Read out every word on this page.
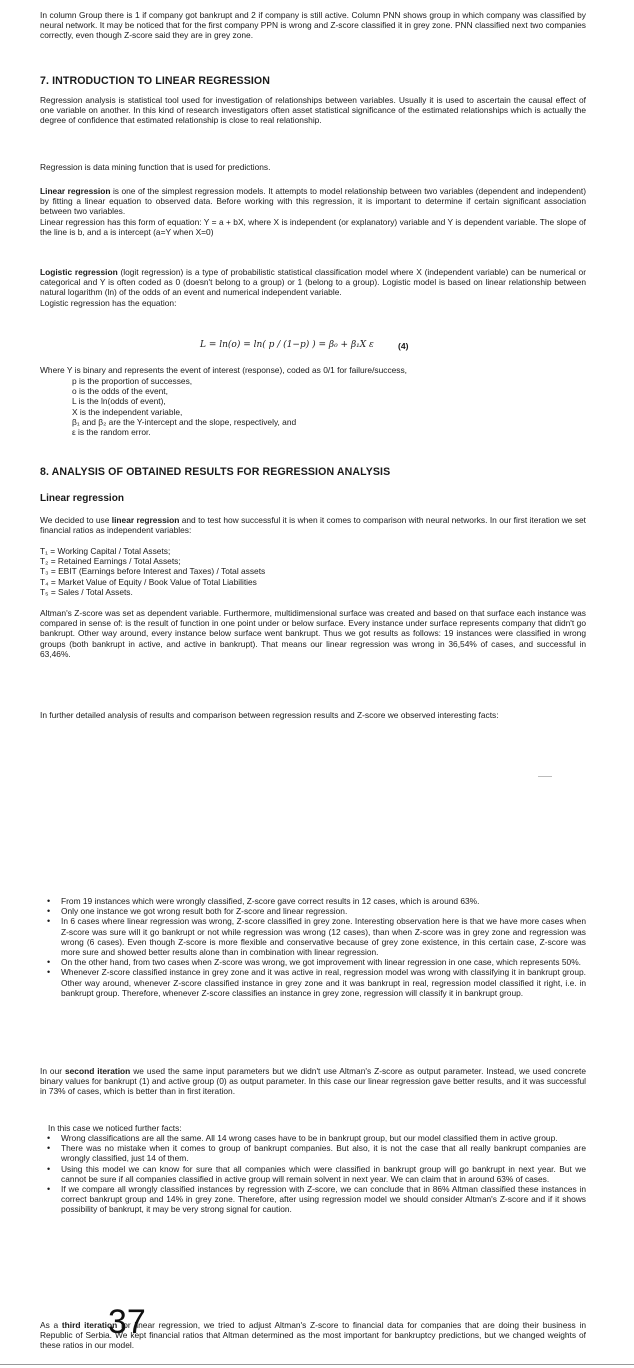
In column Group there is 1 if company got bankrupt and 2 if company is still active. Column PNN shows group in which company was classified by neural network. It may be noticed that for the first company PPN is wrong and Z-score classified it in grey zone. PNN classified next two companies correctly, even though Z-score said they are in grey zone.

7. INTRODUCTION TO LINEAR REGRESSION

Regression analysis is statistical tool used for investigation of relationships between variables. Usually it is used to ascertain the causal effect of one variable on another. In this kind of research investigators often asset statistical significance of the estimated relationships which is actually the degree of confidence that estimated relationship is close to real relationship.

Regression is data mining function that is used for predictions.

Linear regression is one of the simplest regression models. It attempts to model relationship between two variables (dependent and independent) by fitting a linear equation to observed data. Before working with this regression, it is important to determine if certain significant association between two variables.

Linear regression has this form of equation: Y = a + bX, where X is independent (or explanatory) variable and Y is dependent variable. The slope of the line is b, and a is intercept (a=Y when X=0)

Logistic regression (logit regression) is a type of probabilistic statistical classification model where X (independent variable) can be numerical or categorical and Y is often coded as 0 (doesn't belong to a group) or 1 (belong to a group). Logistic model is based on linear relationship between natural logarithm (ln) of the odds of an event and numerical independent variable.

Logistic regression has the equation:

L = ln(o) = ln( p / (1−p) ) = β₀ + β₁X ε	(4)

Where Y is binary and represents the event of interest (response), coded as 0/1 for failure/success,

p is the proportion of successes,
o is the odds of the event,
L is the ln(odds of event),
X is the independent variable,
β₁ and β₂ are the Y-intercept and the slope, respectively, and
ε is the random error.
8. ANALYSIS OF OBTAINED RESULTS FOR REGRESSION ANALYSIS
Linear regression

We decided to use linear regression and to test how successful it is when it comes to comparison with neural networks. In our first iteration we set financial ratios as independent variables:

T₁ = Working Capital / Total Assets;
T₂ = Retained Earnings / Total Assets;
T₃ = EBIT (Earnings before Interest and Taxes) / Total assets
T₄ = Market Value of Equity / Book Value of Total Liabilities
T₅ = Sales / Total Assets.

Altman's Z-score was set as dependent variable. Furthermore, multidimensional surface was created and based on that surface each instance was compared in sense of: is the result of function in one point under or below surface. Every instance under surface represents company that didn't go bankrupt. Other way around, every instance below surface went bankrupt. Thus we got results as follows: 19 instances were classified in wrong groups (both bankrupt in active, and active in bankrupt). That means our linear regression was wrong in 36,54% of cases, and successful in 63,46%.

In further detailed analysis of results and comparison between regression results and Z-score we observed interesting facts:

• From 19 instances which were wrongly classified, Z-score gave correct results in 12 cases, which is around 63%.
• Only one instance we got wrong result both for Z-score and linear regression.
• In 6 cases where linear regression was wrong, Z-score classified in grey zone. Interesting observation here is that we have more cases when Z-score was sure will it go bankrupt or not while regression was wrong (12 cases), than when Z-score was in grey zone and regression was wrong (6 cases). Even though Z-score is more flexible and conservative because of grey zone existence, in this certain case, Z-score was more sure and showed better results alone than in combination with linear regression.
• On the other hand, from two cases when Z-score was wrong, we got improvement with linear regression in one case, which represents 50%.
• Whenever Z-score classified instance in grey zone and it was active in real, regression model was wrong with classifying it in bankrupt group. Other way around, whenever Z-score classified instance in grey zone and it was bankrupt in real, regression model classified it right, i.e. in bankrupt group. Therefore, whenever Z-score classifies an instance in grey zone, regression will classify it in bankrupt group.

In our second iteration we used the same input parameters but we didn't use Altman's Z-score as output parameter. Instead, we used concrete binary values for bankrupt (1) and active group (0) as output parameter. In this case our linear regression gave better results, and it was successful in 73% of cases, which is better than in first iteration.

In this case we noticed further facts:

• Wrong classifications are all the same. All 14 wrong cases have to be in bankrupt group, but our model classified them in active group.
• There was no mistake when it comes to group of bankrupt companies. But also, it is not the case that all really bankrupt companies are wrongly classified, just 14 of them.
• Using this model we can know for sure that all companies which were classified in bankrupt group will go bankrupt in next year. But we cannot be sure if all companies classified in active group will remain solvent in next year. We can claim that in around 63% of cases.
• If we compare all wrongly classified instances by regression with Z-score, we can conclude that in 86% Altman classified these instances in correct bankrupt group and 14% in grey zone. Therefore, after using regression model we should consider Altman's Z-score and if it shows possibility of bankrupt, it may be very strong signal for caution.

As a third iteration for linear regression, we tried to adjust Altman's Z-score to financial data for companies that are doing their business in Republic of Serbia. We kept financial ratios that Altman determined as the most important for bankruptcy predictions, but we changed weights of these ratios in our model.

37
